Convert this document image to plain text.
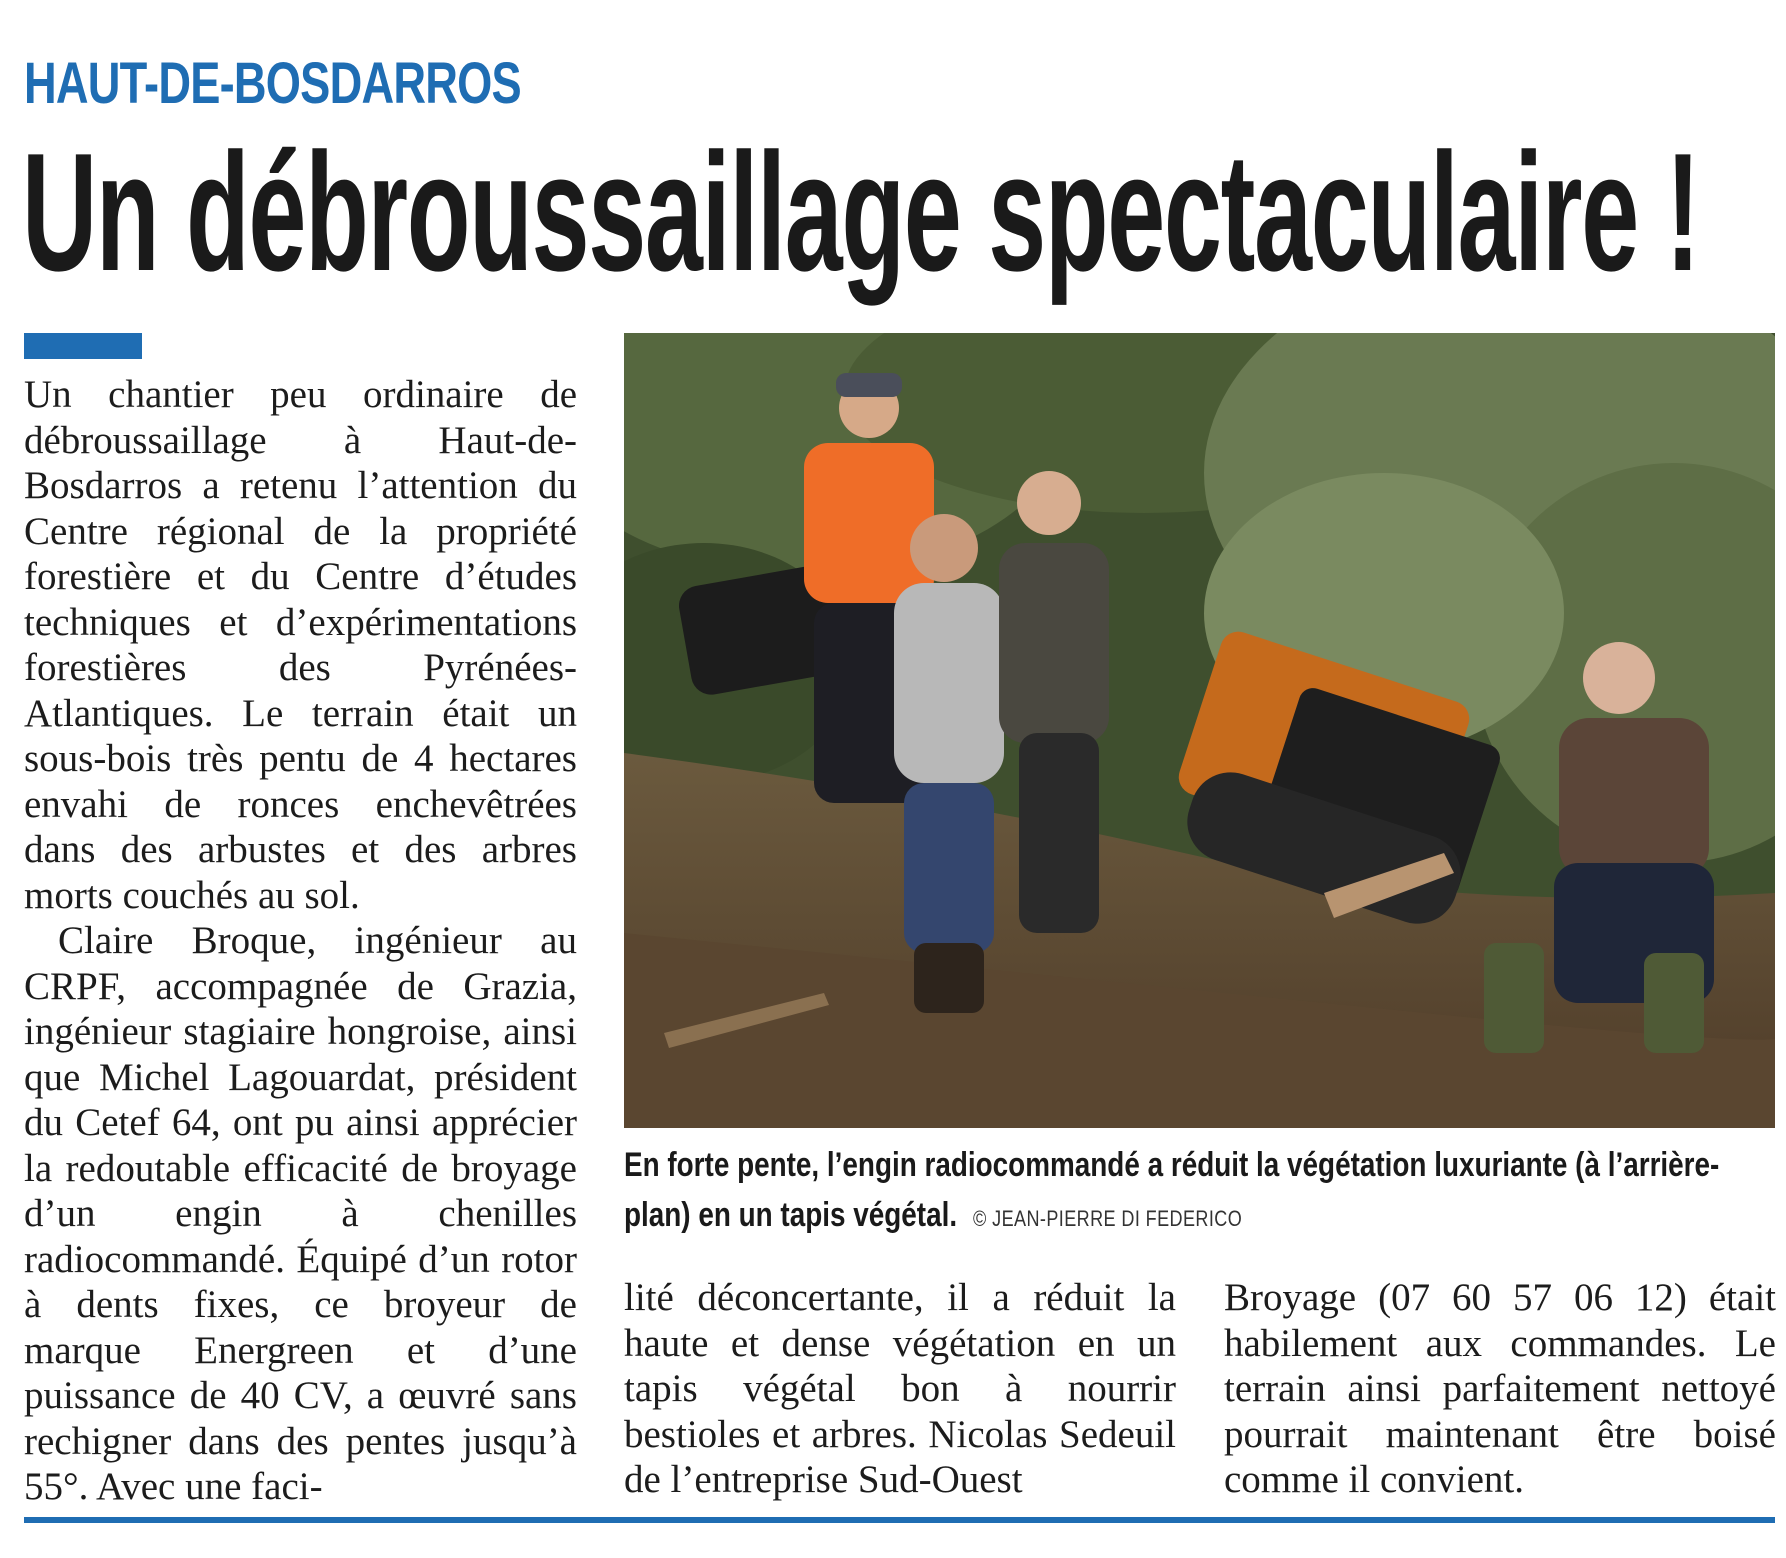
HAUT-DE-BOSDARROS
Un débroussaillage spectaculaire !

Un chantier peu ordinaire de débroussaillage à Haut-de-Bosdarros a retenu l’attention du Centre régional de la propriété forestière et du Centre d’études techniques et d’expérimentations forestières des Pyrénées-Atlantiques. Le terrain était un sous-bois très pentu de 4 hectares envahi de ronces enchevêtrées dans des arbustes et des arbres morts couchés au sol.

Claire Broque, ingénieur au CRPF, accompagnée de Grazia, ingénieur stagiaire hongroise, ainsi que Michel Lagouardat, président du Cetef 64, ont pu ainsi apprécier la redoutable efficacité de broyage d’un engin à chenilles radiocommandé. Équipé d’un rotor à dents fixes, ce broyeur de marque Energreen et d’une puissance de 40 CV, a œuvré sans rechigner dans des pentes jusqu’à 55°. Avec une faci-

En forte pente, l’engin radiocommandé a réduit la végétation luxuriante (à l’arrière-plan) en un tapis végétal. © JEAN-PIERRE DI FEDERICO

lité déconcertante, il a réduit la haute et dense végétation en un tapis végétal bon à nourrir bestioles et arbres. Nicolas Sedeuil de l’entreprise Sud-Ouest

Broyage (07 60 57 06 12) était habilement aux commandes. Le terrain ainsi parfaitement nettoyé pourrait maintenant être boisé comme il convient.
